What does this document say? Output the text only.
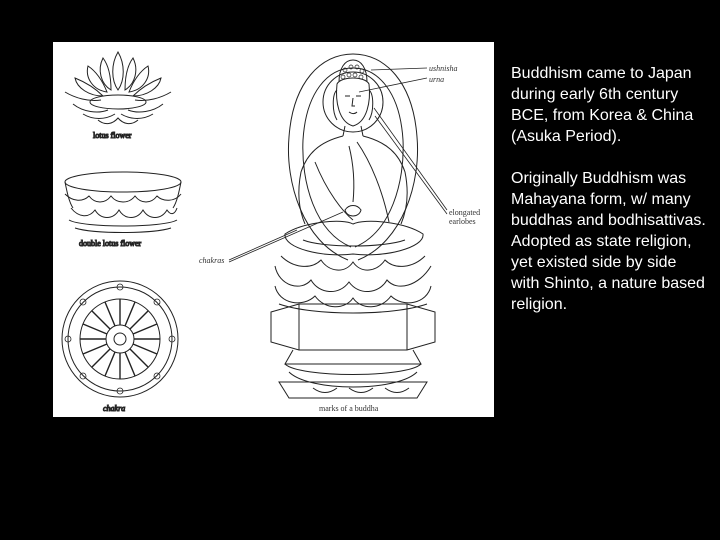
lotus flower
double lotus flower
chakra
ushnisha
urna
elongated
earlobes
chakras
marks of a buddha

Buddhism came to Japan during early 6th century BCE, from Korea & China (Asuka Period).

Originally Buddhism was Mahayana form, w/ many buddhas and bodhisattivas. Adopted as state religion, yet existed side by side with Shinto, a nature based religion.
